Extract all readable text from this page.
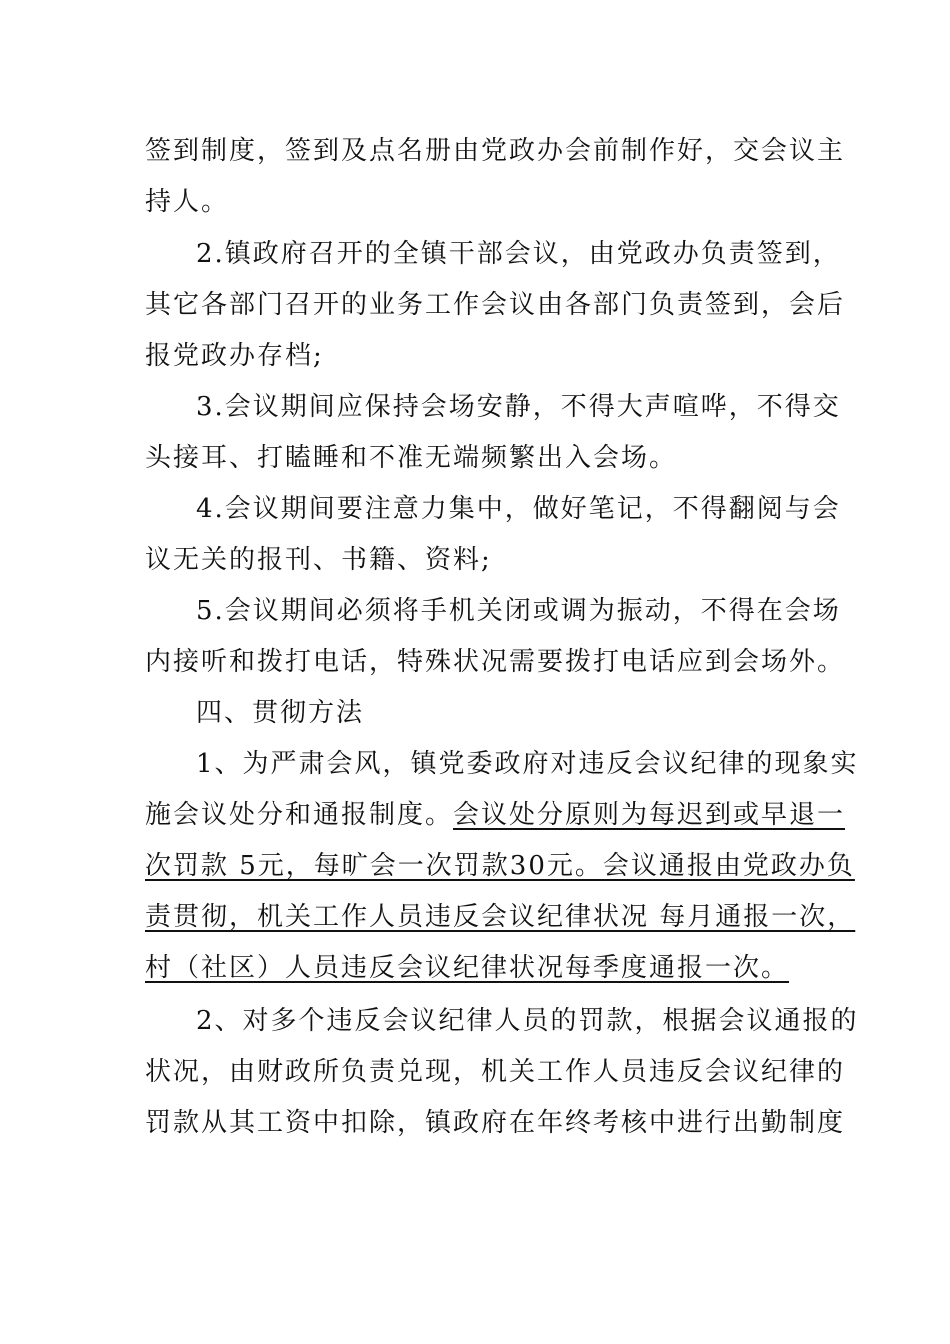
签到制度，签到及点名册由党政办会前制作好，交会议主
持人。
2.镇政府召开的全镇干部会议，由党政办负责签到，
其它各部门召开的业务工作会议由各部门负责签到，会后
报党政办存档;
3.会议期间应保持会场安静，不得大声喧哗，不得交
头接耳、打瞌睡和不准无端频繁出入会场。
4.会议期间要注意力集中，做好笔记，不得翻阅与会
议无关的报刊、书籍、资料;
5.会议期间必须将手机关闭或调为振动，不得在会场
内接听和拨打电话，特殊状况需要拨打电话应到会场外。
四、贯彻方法
1、为严肃会风，镇党委政府对违反会议纪律的现象实
施会议处分和通报制度。 会议处分原则为每迟到或早退一
次罚款 5元，每旷会一次罚款30元。会议通报由党政办负
责贯彻，机关工作人员违反会议纪律状况 每月通报一次，
村（社区）人员违反会议纪律状况每季度通报一次。
2、对多个违反会议纪律人员的罚款，根据会议通报的
状况，由财政所负责兑现，机关工作人员违反会议纪律的
罚款从其工资中扣除，镇政府在年终考核中进行出勤制度
